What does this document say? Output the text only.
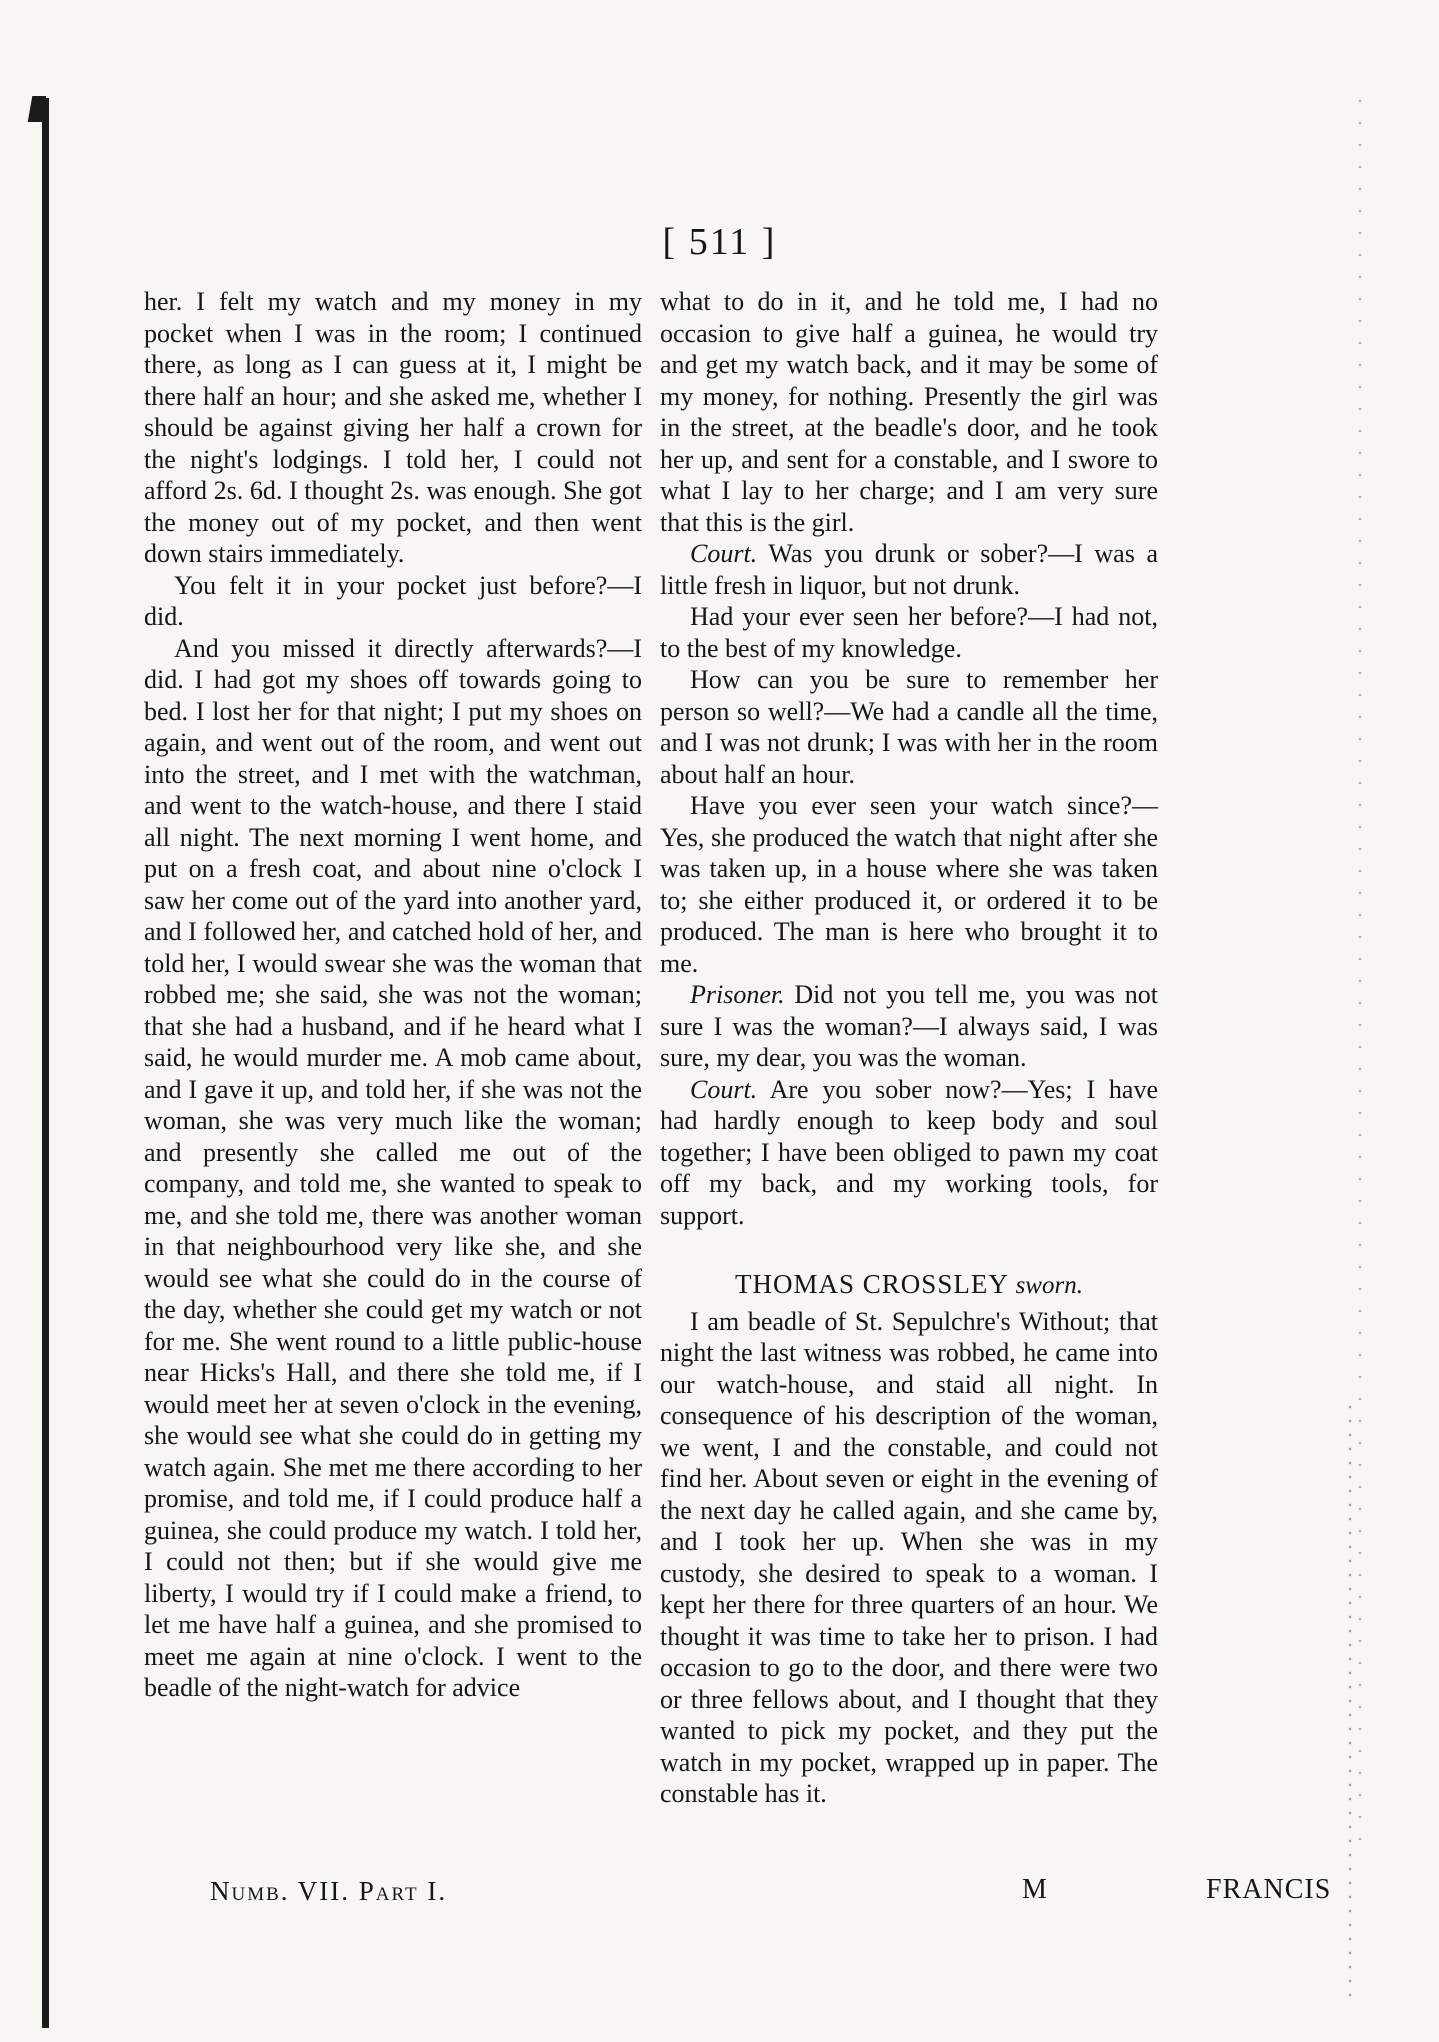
[ 511 ]

her. I felt my watch and my money in my pocket when I was in the room; I continued there, as long as I can guess at it, I might be there half an hour; and she asked me, whether I should be against giving her half a crown for the night's lodgings. I told her, I could not afford 2s. 6d. I thought 2s. was enough. She got the money out of my pocket, and then went down stairs immediately.

You felt it in your pocket just before?—I did.

And you missed it directly afterwards?—I did. I had got my shoes off towards going to bed. I lost her for that night; I put my shoes on again, and went out of the room, and went out into the street, and I met with the watchman, and went to the watch-house, and there I staid all night. The next morning I went home, and put on a fresh coat, and about nine o'clock I saw her come out of the yard into another yard, and I followed her, and catched hold of her, and told her, I would swear she was the woman that robbed me; she said, she was not the woman; that she had a husband, and if he heard what I said, he would murder me. A mob came about, and I gave it up, and told her, if she was not the woman, she was very much like the woman; and presently she called me out of the company, and told me, she wanted to speak to me, and she told me, there was another woman in that neighbourhood very like she, and she would see what she could do in the course of the day, whether she could get my watch or not for me. She went round to a little public-house near Hicks's Hall, and there she told me, if I would meet her at seven o'clock in the evening, she would see what she could do in getting my watch again. She met me there according to her promise, and told me, if I could produce half a guinea, she could produce my watch. I told her, I could not then; but if she would give me liberty, I would try if I could make a friend, to let me have half a guinea, and she promised to meet me again at nine o'clock. I went to the beadle of the night-watch for advice

what to do in it, and he told me, I had no occasion to give half a guinea, he would try and get my watch back, and it may be some of my money, for nothing. Presently the girl was in the street, at the beadle's door, and he took her up, and sent for a constable, and I swore to what I lay to her charge; and I am very sure that this is the girl.

Court. Was you drunk or sober?—I was a little fresh in liquor, but not drunk.

Had your ever seen her before?—I had not, to the best of my knowledge.

How can you be sure to remember her person so well?—We had a candle all the time, and I was not drunk; I was with her in the room about half an hour.

Have you ever seen your watch since?—Yes, she produced the watch that night after she was taken up, in a house where she was taken to; she either produced it, or ordered it to be produced. The man is here who brought it to me.

Prisoner. Did not you tell me, you was not sure I was the woman?—I always said, I was sure, my dear, you was the woman.

Court. Are you sober now?—Yes; I have had hardly enough to keep body and soul together; I have been obliged to pawn my coat off my back, and my working tools, for support.

THOMAS CROSSLEY sworn.

I am beadle of St. Sepulchre's Without; that night the last witness was robbed, he came into our watch-house, and staid all night. In consequence of his description of the woman, we went, I and the constable, and could not find her. About seven or eight in the evening of the next day he called again, and she came by, and I took her up. When she was in my custody, she desired to speak to a woman. I kept her there for three quarters of an hour. We thought it was time to take her to prison. I had occasion to go to the door, and there were two or three fellows about, and I thought that they wanted to pick my pocket, and they put the watch in my pocket, wrapped up in paper. The constable has it.

Numb. VII. Part I.	M	FRANCIS
